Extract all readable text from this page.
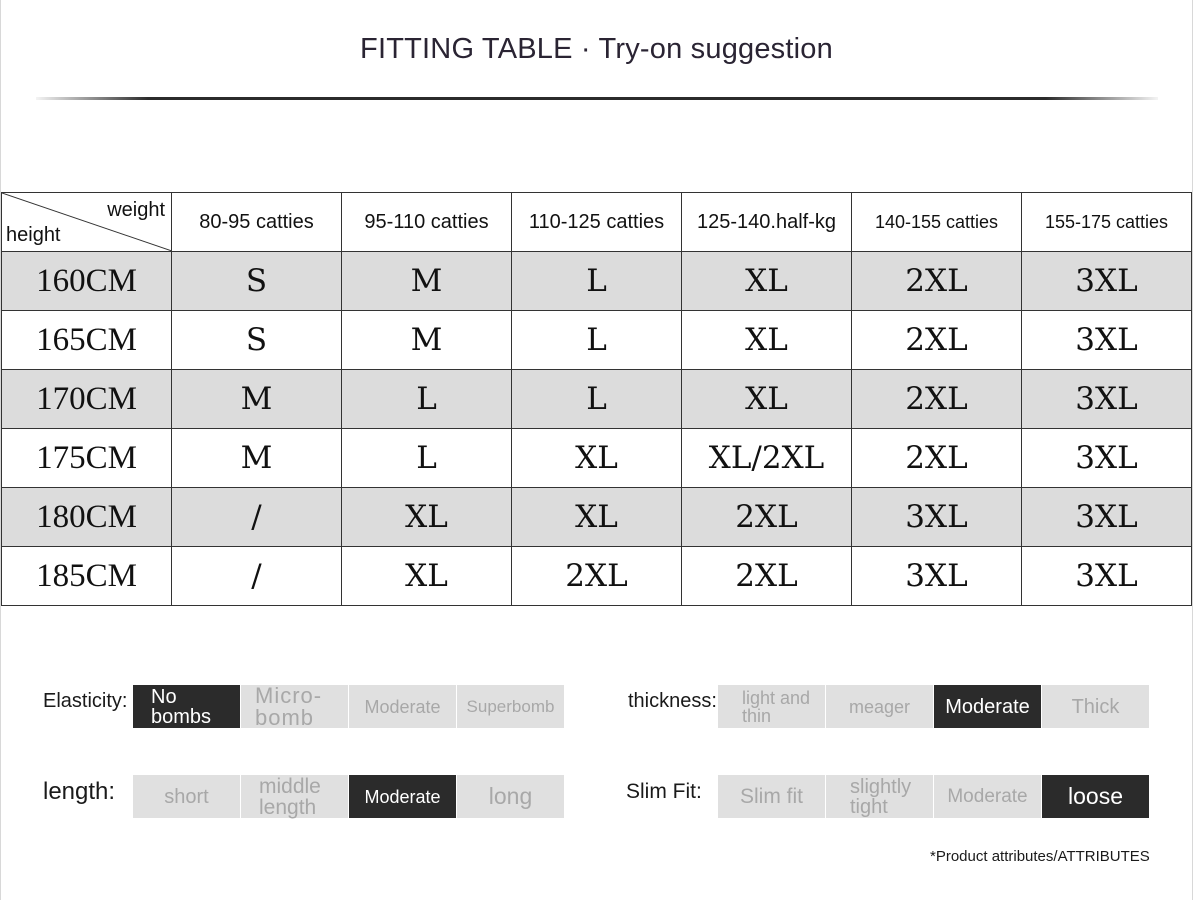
FITTING TABLE · Try-on suggestion
weight
height	80-95 catties	95-110 catties	110-125 catties	125-140.half-kg	140-155 catties	155-175 catties
160CM	S	M	L	XL	2XL	3XL
165CM	S	M	L	XL	2XL	3XL
170CM	M	L	L	XL	2XL	3XL
175CM	M	L	XL	XL/2XL	2XL	3XL
180CM	/	XL	XL	2XL	3XL	3XL
185CM	/	XL	2XL	2XL	3XL	3XL
Elasticity:	No bombs
Micro-bomb	Moderate	Superbomb	thickness:	light and thin	meager	Moderate	Thick
length:	short	middle length	Moderate	long	Slim Fit:	Slim fit	slightly tight	Moderate	loose
*Product attributes/ATTRIBUTES
